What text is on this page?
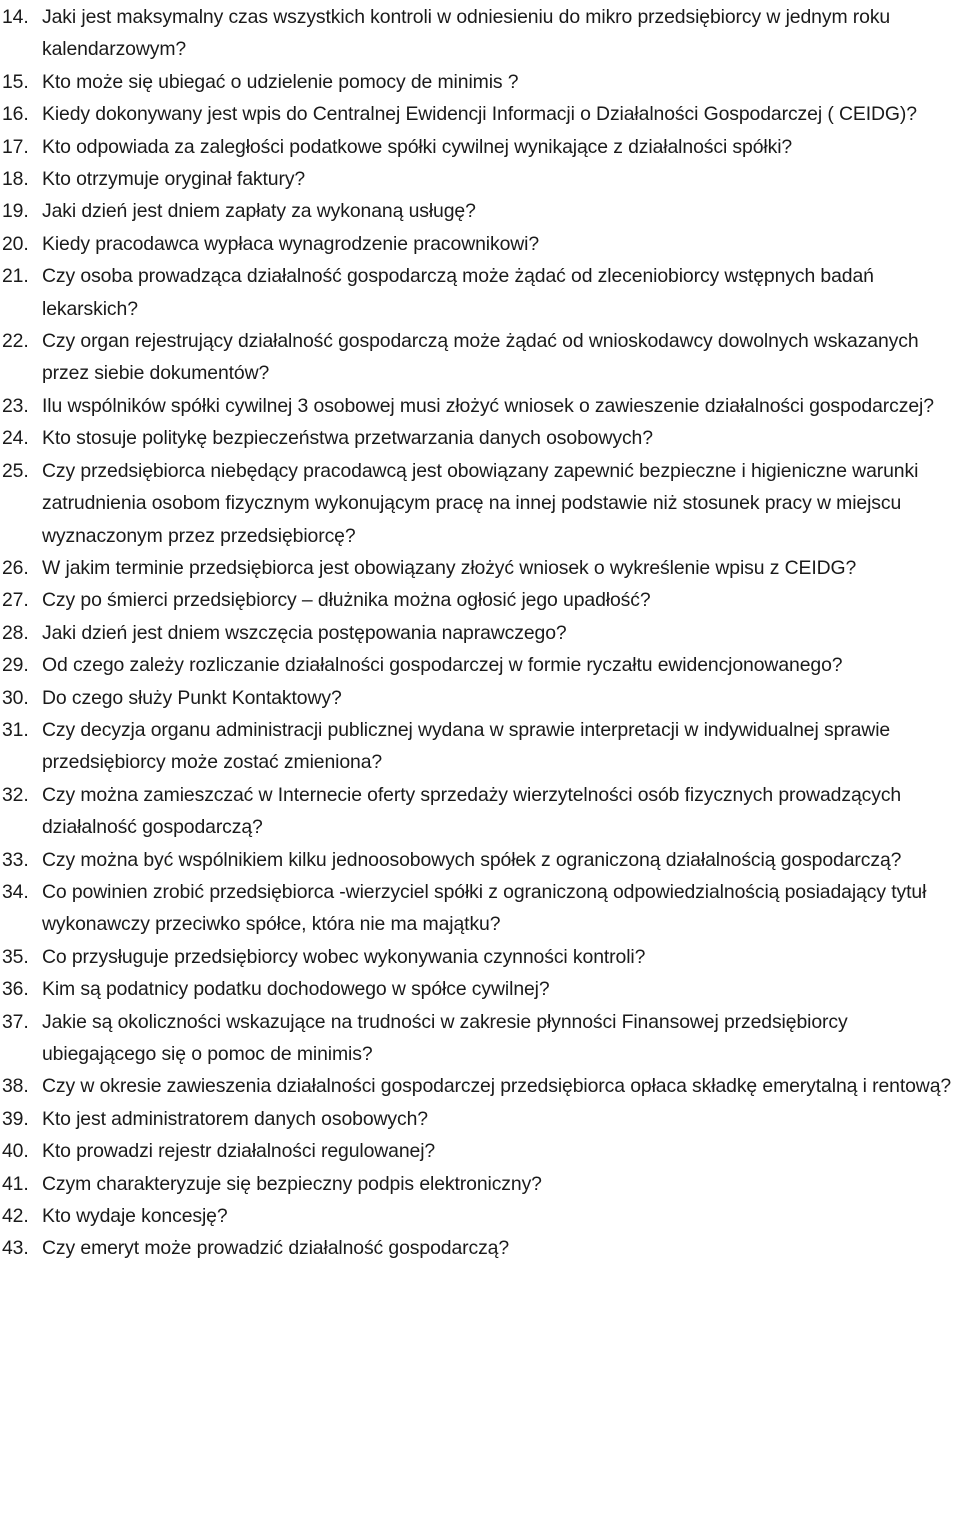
14. Jaki jest maksymalny czas wszystkich kontroli w odniesieniu do mikro przedsiębiorcy w jednym roku kalendarzowym?
15. Kto może się ubiegać o udzielenie pomocy de minimis ?
16. Kiedy dokonywany jest wpis do Centralnej Ewidencji Informacji o Działalności Gospodarczej ( CEIDG)?
17. Kto odpowiada za zaległości podatkowe spółki cywilnej wynikające z działalności spółki?
18. Kto otrzymuje oryginał faktury?
19. Jaki dzień jest dniem zapłaty za wykonaną usługę?
20. Kiedy pracodawca wypłaca wynagrodzenie pracownikowi?
21. Czy osoba prowadząca działalność gospodarczą może żądać od zleceniobiorcy wstępnych badań lekarskich?
22. Czy organ rejestrujący działalność gospodarczą może żądać od wnioskodawcy dowolnych wskazanych przez siebie dokumentów?
23. Ilu wspólników spółki cywilnej 3 osobowej musi złożyć wniosek o zawieszenie działalności gospodarczej?
24. Kto stosuje politykę bezpieczeństwa przetwarzania danych osobowych?
25. Czy przedsiębiorca niebędący pracodawcą jest obowiązany zapewnić bezpieczne i higieniczne warunki zatrudnienia osobom fizycznym wykonującym pracę na innej podstawie niż stosunek pracy w miejscu wyznaczonym przez przedsiębiorcę?
26. W jakim terminie przedsiębiorca jest obowiązany złożyć wniosek o wykreślenie wpisu z CEIDG?
27. Czy po śmierci przedsiębiorcy – dłużnika można ogłosić jego upadłość?
28. Jaki dzień jest dniem wszczęcia postępowania naprawczego?
29. Od czego zależy rozliczanie działalności gospodarczej w formie ryczałtu ewidencjonowanego?
30. Do czego służy Punkt Kontaktowy?
31. Czy decyzja organu administracji publicznej wydana w sprawie interpretacji w indywidualnej sprawie przedsiębiorcy może zostać zmieniona?
32. Czy można zamieszczać w Internecie oferty sprzedaży wierzytelności osób fizycznych prowadzących działalność gospodarczą?
33. Czy można być wspólnikiem kilku jednoosobowych spółek z ograniczoną działalnością gospodarczą?
34. Co powinien zrobić przedsiębiorca -wierzyciel spółki z ograniczoną odpowiedzialnością posiadający tytuł wykonawczy przeciwko spółce, która nie ma majątku?
35. Co przysługuje przedsiębiorcy wobec wykonywania czynności kontroli?
36. Kim są podatnicy podatku dochodowego w spółce cywilnej?
37. Jakie są okoliczności wskazujące na trudności w zakresie płynności Finansowej przedsiębiorcy ubiegającego się o pomoc de minimis?
38. Czy w okresie zawieszenia działalności gospodarczej przedsiębiorca opłaca składkę emerytalną i rentową?
39. Kto jest administratorem danych osobowych?
40. Kto prowadzi rejestr działalności regulowanej?
41. Czym charakteryzuje się bezpieczny podpis elektroniczny?
42. Kto wydaje koncesję?
43. Czy emeryt może prowadzić działalność gospodarczą?
